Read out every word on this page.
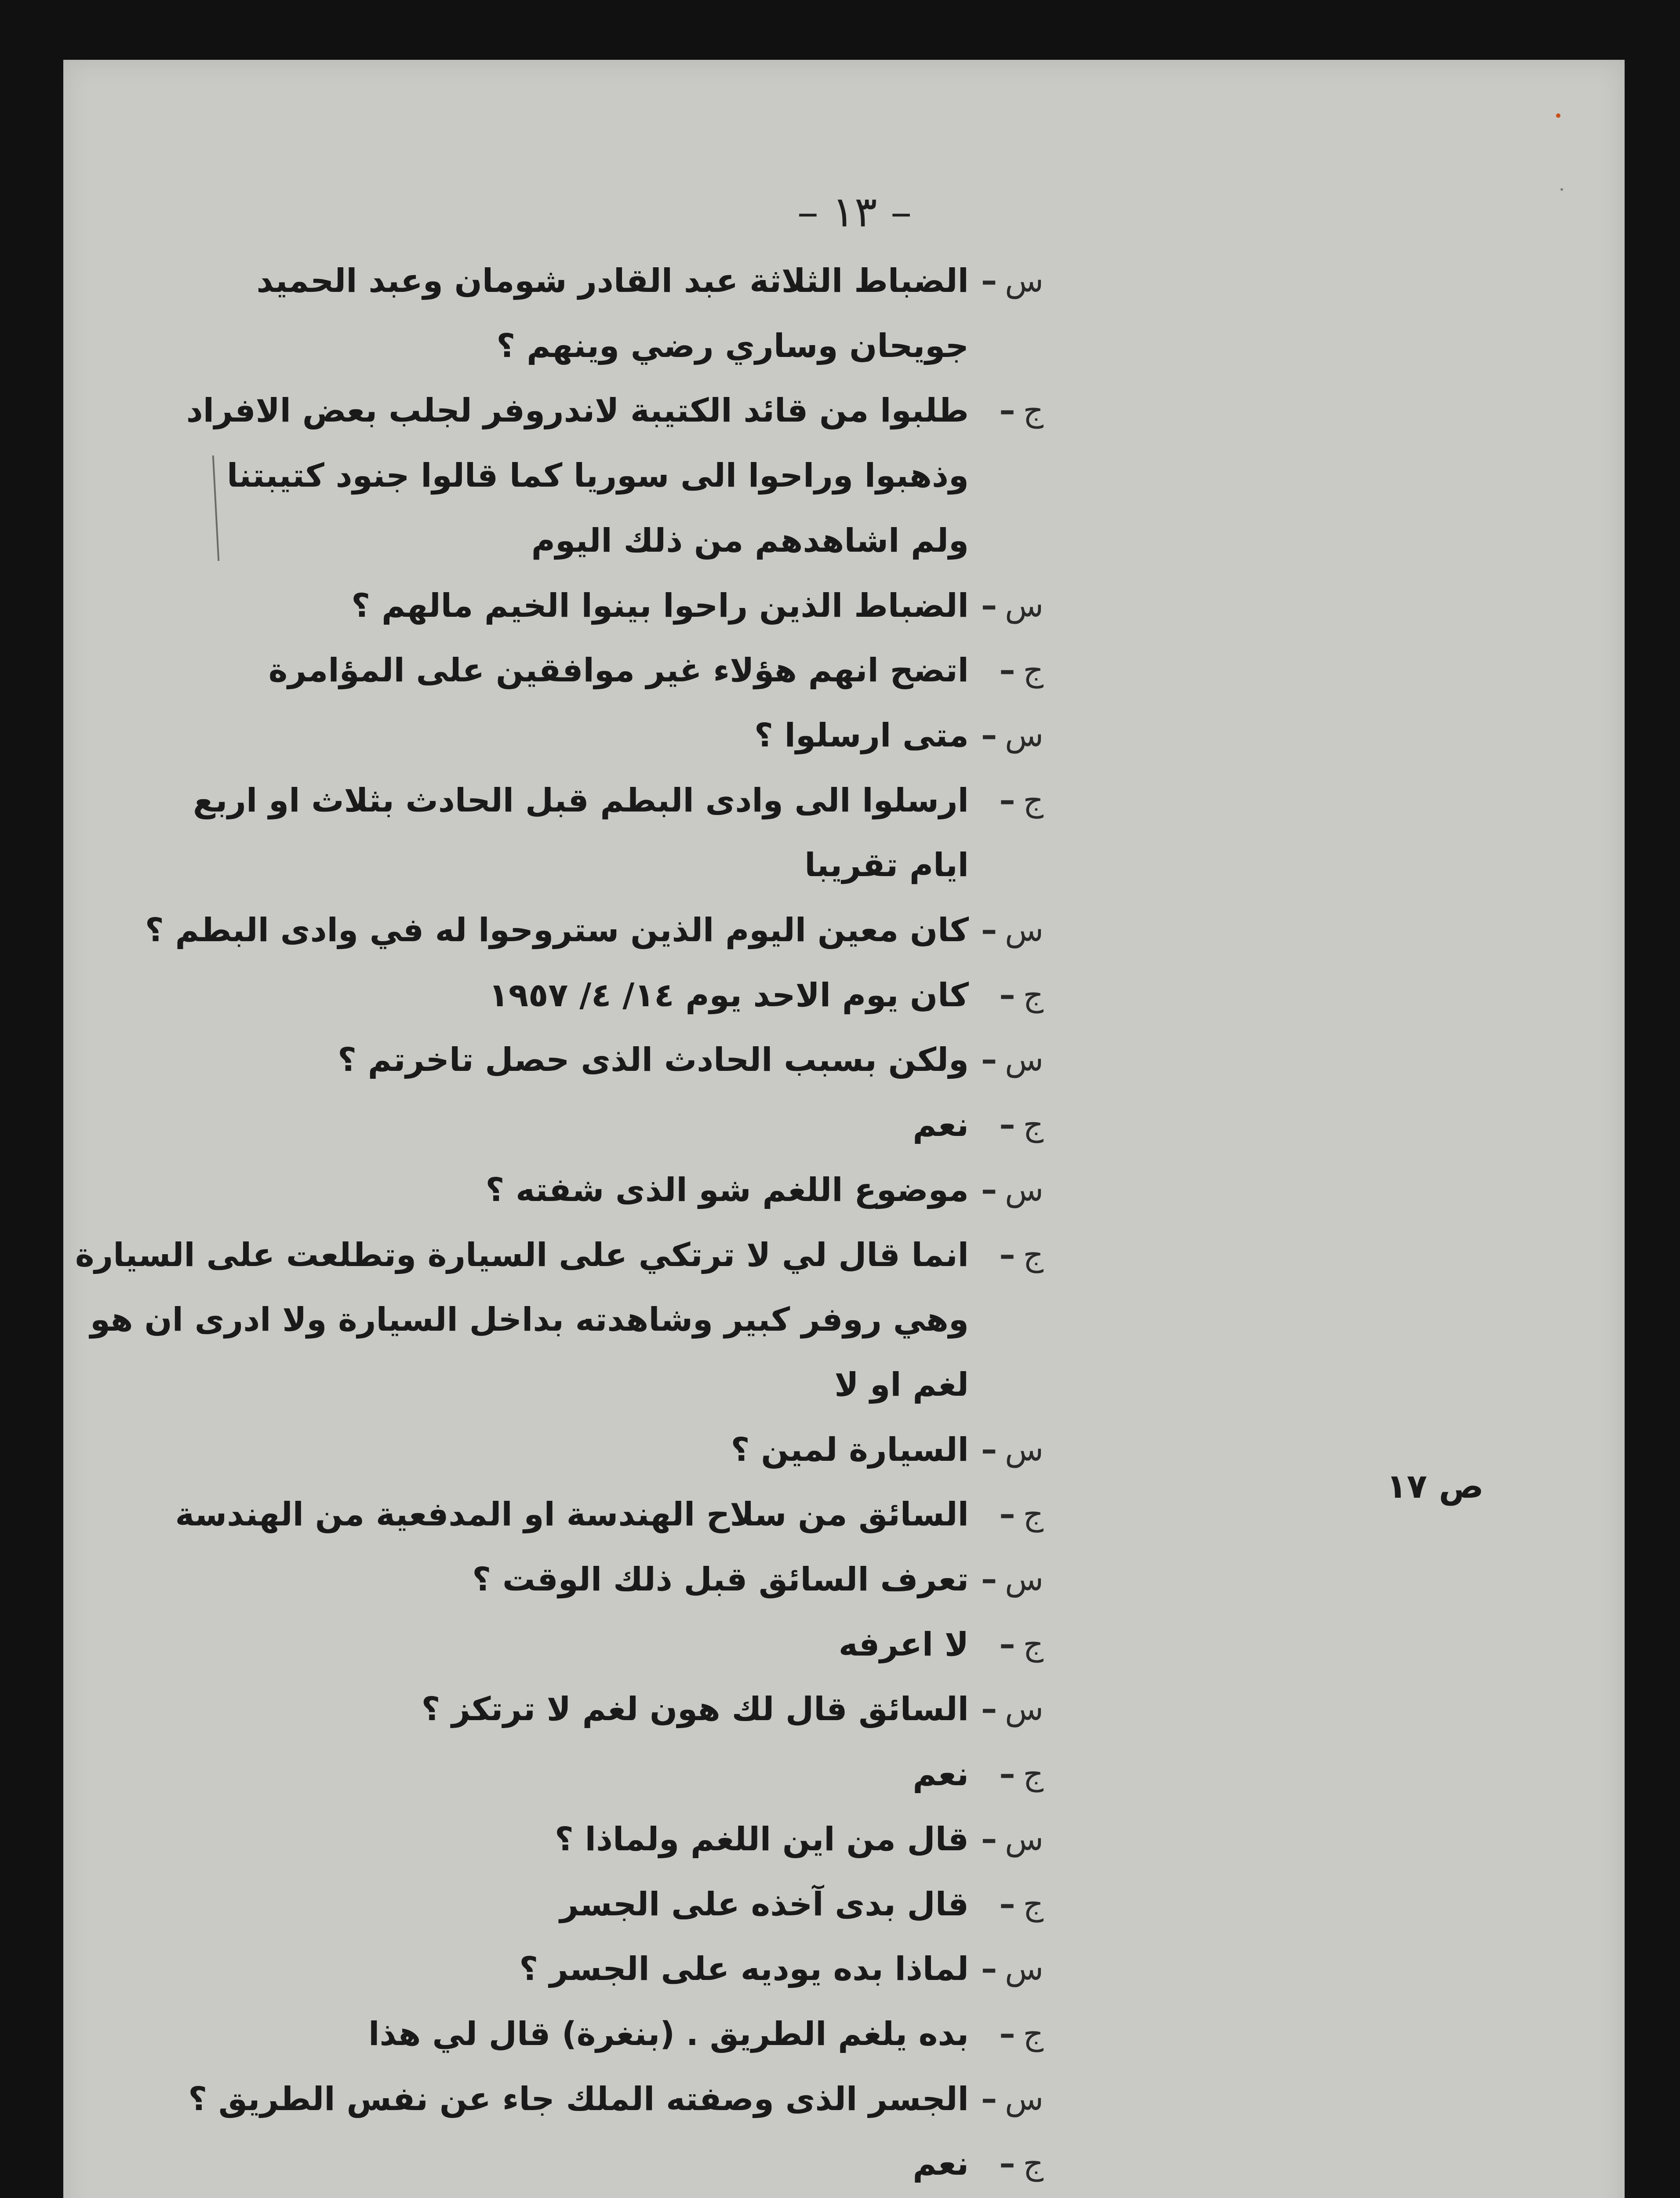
– ١٣ –
س–
الضباط الثلاثة عبد القادر شومان وعبد الحميد
جويحان وساري رضي وينهم ؟
ج–
طلبوا من قائد الكتيبة لاندروفر لجلب بعض الافراد
وذهبوا وراحوا الى سوريا كما قالوا جنود كتيبتنا
ولم اشاهدهم من ذلك اليوم
س–
الضباط الذين راحوا بينوا الخيم مالهم ؟
ج–
اتضح انهم هؤلاء غير موافقين على المؤامرة
س–
متى ارسلوا ؟
ج–
ارسلوا الى وادى البطم قبل الحادث بثلاث او اربع
ايام تقريبا
س–
كان معين اليوم الذين ستروحوا له في وادى البطم ؟
ج–
كان يوم الاحد يوم ١٤/ ٤/ ١٩٥٧
س–
ولكن بسبب الحادث الذى حصل تاخرتم ؟
ج–
نعم
س–
موضوع اللغم شو الذى شفته ؟
ج–
انما قال لي لا ترتكي على السيارة وتطلعت على السيارة
وهي روفر كبير وشاهدته بداخل السيارة ولا ادرى ان هو
لغم او لا
س–
السيارة لمين ؟
ج–
السائق من سلاح الهندسة او المدفعية من الهندسة
س–
تعرف السائق قبل ذلك الوقت ؟
ج–
لا اعرفه
س–
السائق قال لك هون لغم لا ترتكز ؟
ج–
نعم
س–
قال من اين اللغم ولماذا ؟
ج–
قال بدى آخذه على الجسر
س–
لماذا بده يوديه على الجسر ؟
ج–
بده يلغم الطريق . (بنغرة) قال لي هذا
س–
الجسر الذى وصفته الملك جاء عن نفس الطريق ؟
ج–
نعم
ص ١٧
